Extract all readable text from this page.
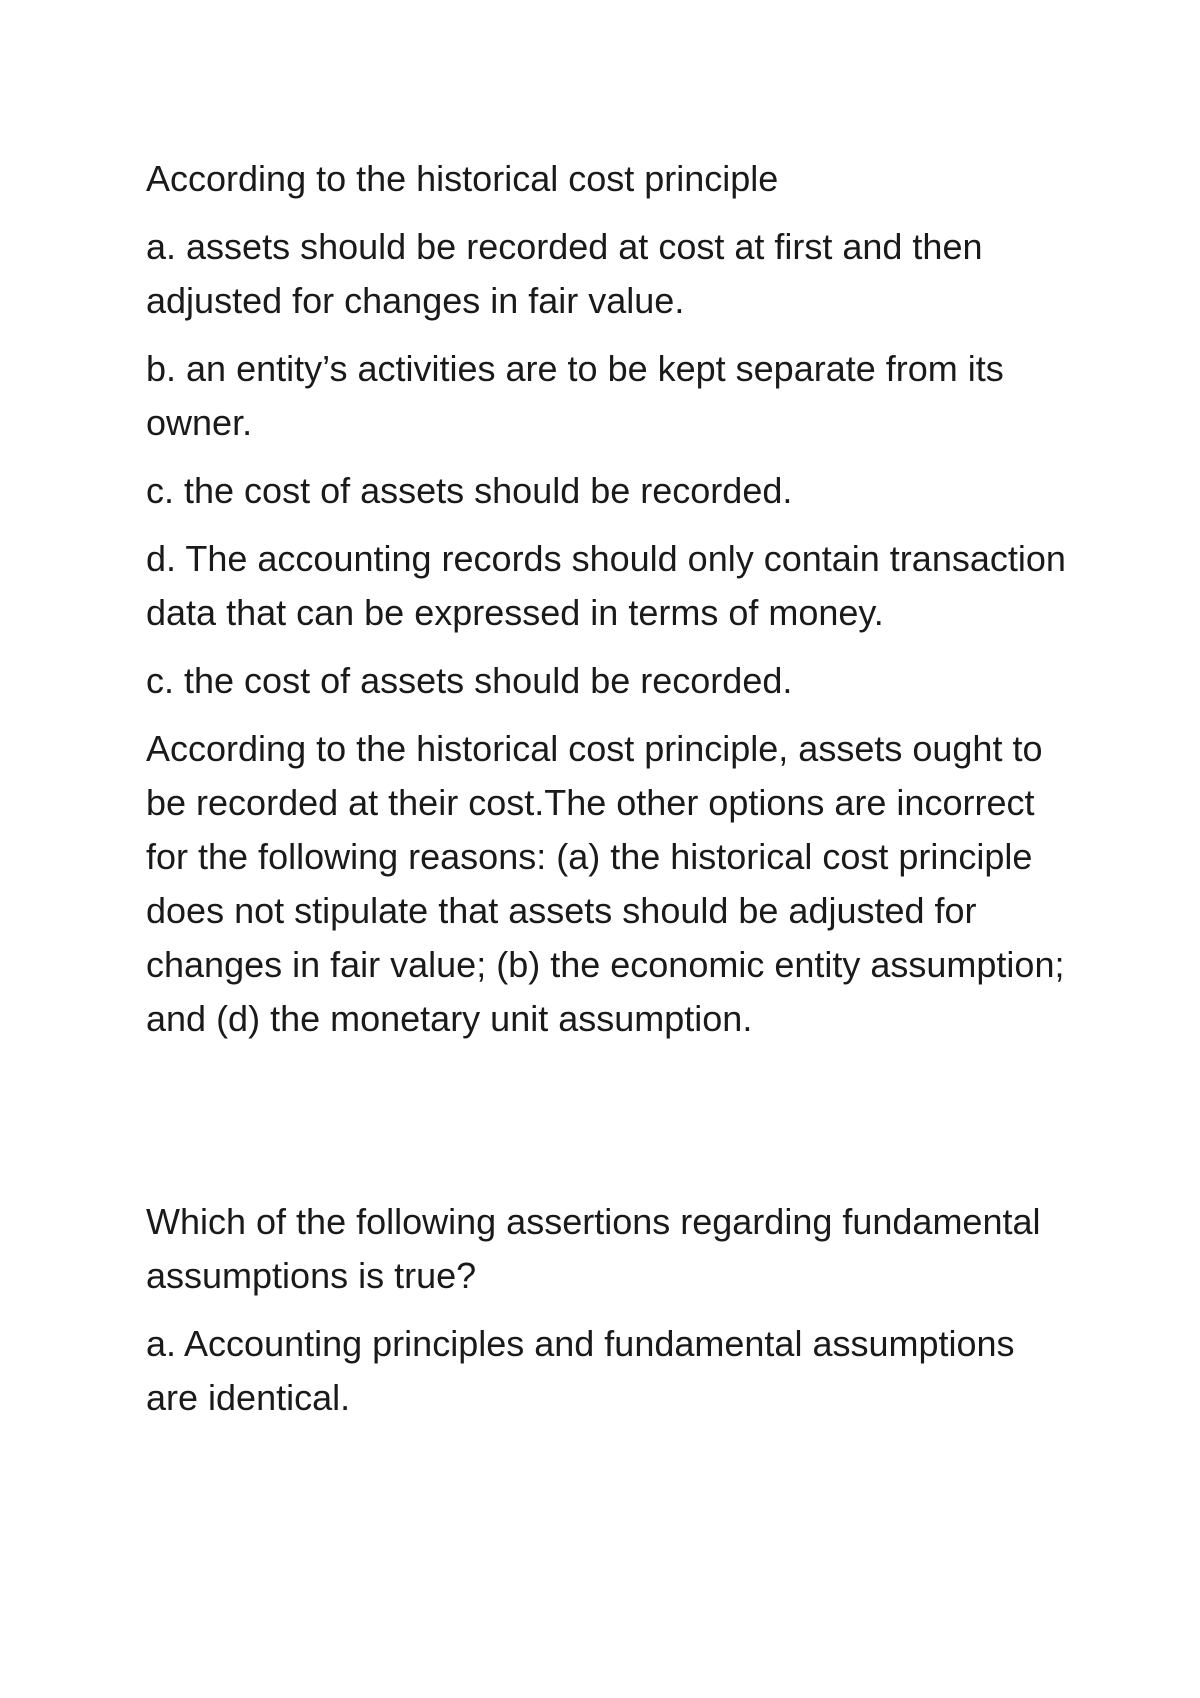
According to the historical cost principle

a. assets should be recorded at cost at first and then adjusted for changes in fair value.

b. an entity’s activities are to be kept separate from its owner.

c. the cost of assets should be recorded.

d. The accounting records should only contain transaction data that can be expressed in terms of money.

c. the cost of assets should be recorded.

According to the historical cost principle, assets ought to be recorded at their cost.The other options are incorrect for the following reasons: (a) the historical cost principle does not stipulate that assets should be adjusted for changes in fair value; (b) the economic entity assumption; and (d) the monetary unit assumption.

Which of the following assertions regarding fundamental assumptions is true?

a. Accounting principles and fundamental assumptions are identical.
